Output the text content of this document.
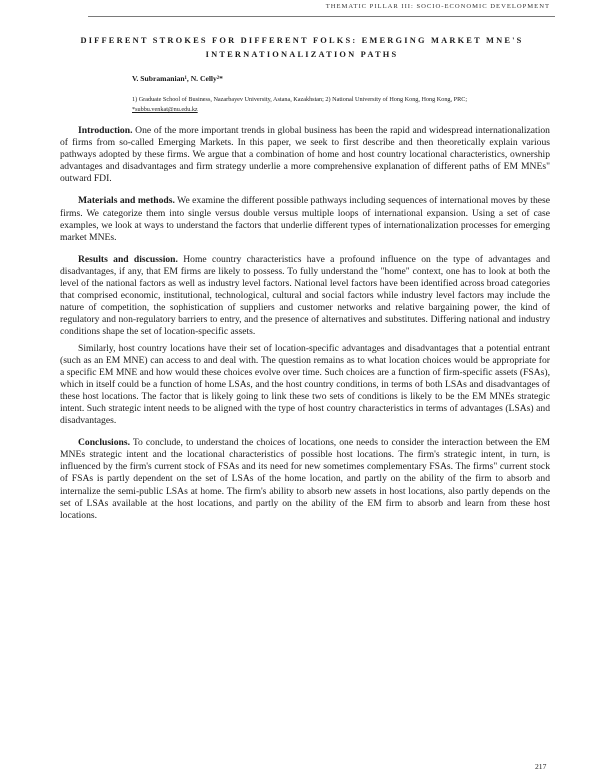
THEMATIC PILLAR III: SOCIO-ECONOMIC DEVELOPMENT
DIFFERENT STROKES FOR DIFFERENT FOLKS: EMERGING MARKET MNE'S
INTERNATIONALIZATION PATHS
V. Subramanian¹, N. Celly²*
1) Graduate School of Business, Nazarbayev University, Astana, Kazakhstan; 2) National University of Hong Kong, Hong Kong, PRC;
*subbu.venkat@nu.edu.kz

Introduction. One of the more important trends in global business has been the rapid and widespread internationalization of firms from so-called Emerging Markets. In this paper, we seek to first describe and then theoretically explain various pathways adopted by these firms. We argue that a combination of home and host country locational characteristics, ownership advantages and disadvantages and firm strategy underlie a more comprehensive explanation of different paths of EM MNEs" outward FDI.

Materials and methods. We examine the different possible pathways including sequences of international moves by these firms. We categorize them into single versus double versus multiple loops of international expansion. Using a set of case examples, we look at ways to understand the factors that underlie different types of internationalization processes for emerging market MNEs.

Results and discussion. Home country characteristics have a profound influence on the type of advantages and disadvantages, if any, that EM firms are likely to possess. To fully understand the "home" context, one has to look at both the level of the national factors as well as industry level factors. National level factors have been identified across broad categories that comprised economic, institutional, technological, cultural and social factors while industry level factors may include the nature of competition, the sophistication of suppliers and customer networks and relative bargaining power, the kind of regulatory and non-regulatory barriers to entry, and the presence of alternatives and substitutes. Differing national and industry conditions shape the set of location-specific assets.

Similarly, host country locations have their set of location-specific advantages and disadvantages that a potential entrant (such as an EM MNE) can access to and deal with. The question remains as to what location choices would be appropriate for a specific EM MNE and how would these choices evolve over time. Such choices are a function of firm-specific assets (FSAs), which in itself could be a function of home LSAs, and the host country conditions, in terms of both LSAs and disadvantages of these host locations. The factor that is likely going to link these two sets of conditions is likely to be the EM MNEs strategic intent. Such strategic intent needs to be aligned with the type of host country characteristics in terms of advantages (LSAs) and disadvantages.

Conclusions. To conclude, to understand the choices of locations, one needs to consider the interaction between the EM MNEs strategic intent and the locational characteristics of possible host locations. The firm's strategic intent, in turn, is influenced by the firm's current stock of FSAs and its need for new sometimes complementary FSAs. The firms" current stock of FSAs is partly dependent on the set of LSAs of the home location, and partly on the ability of the firm to absorb and internalize the semi-public LSAs at home. The firm's ability to absorb new assets in host locations, also partly depends on the set of LSAs available at the host locations, and partly on the ability of the EM firm to absorb and learn from these host locations.

217
